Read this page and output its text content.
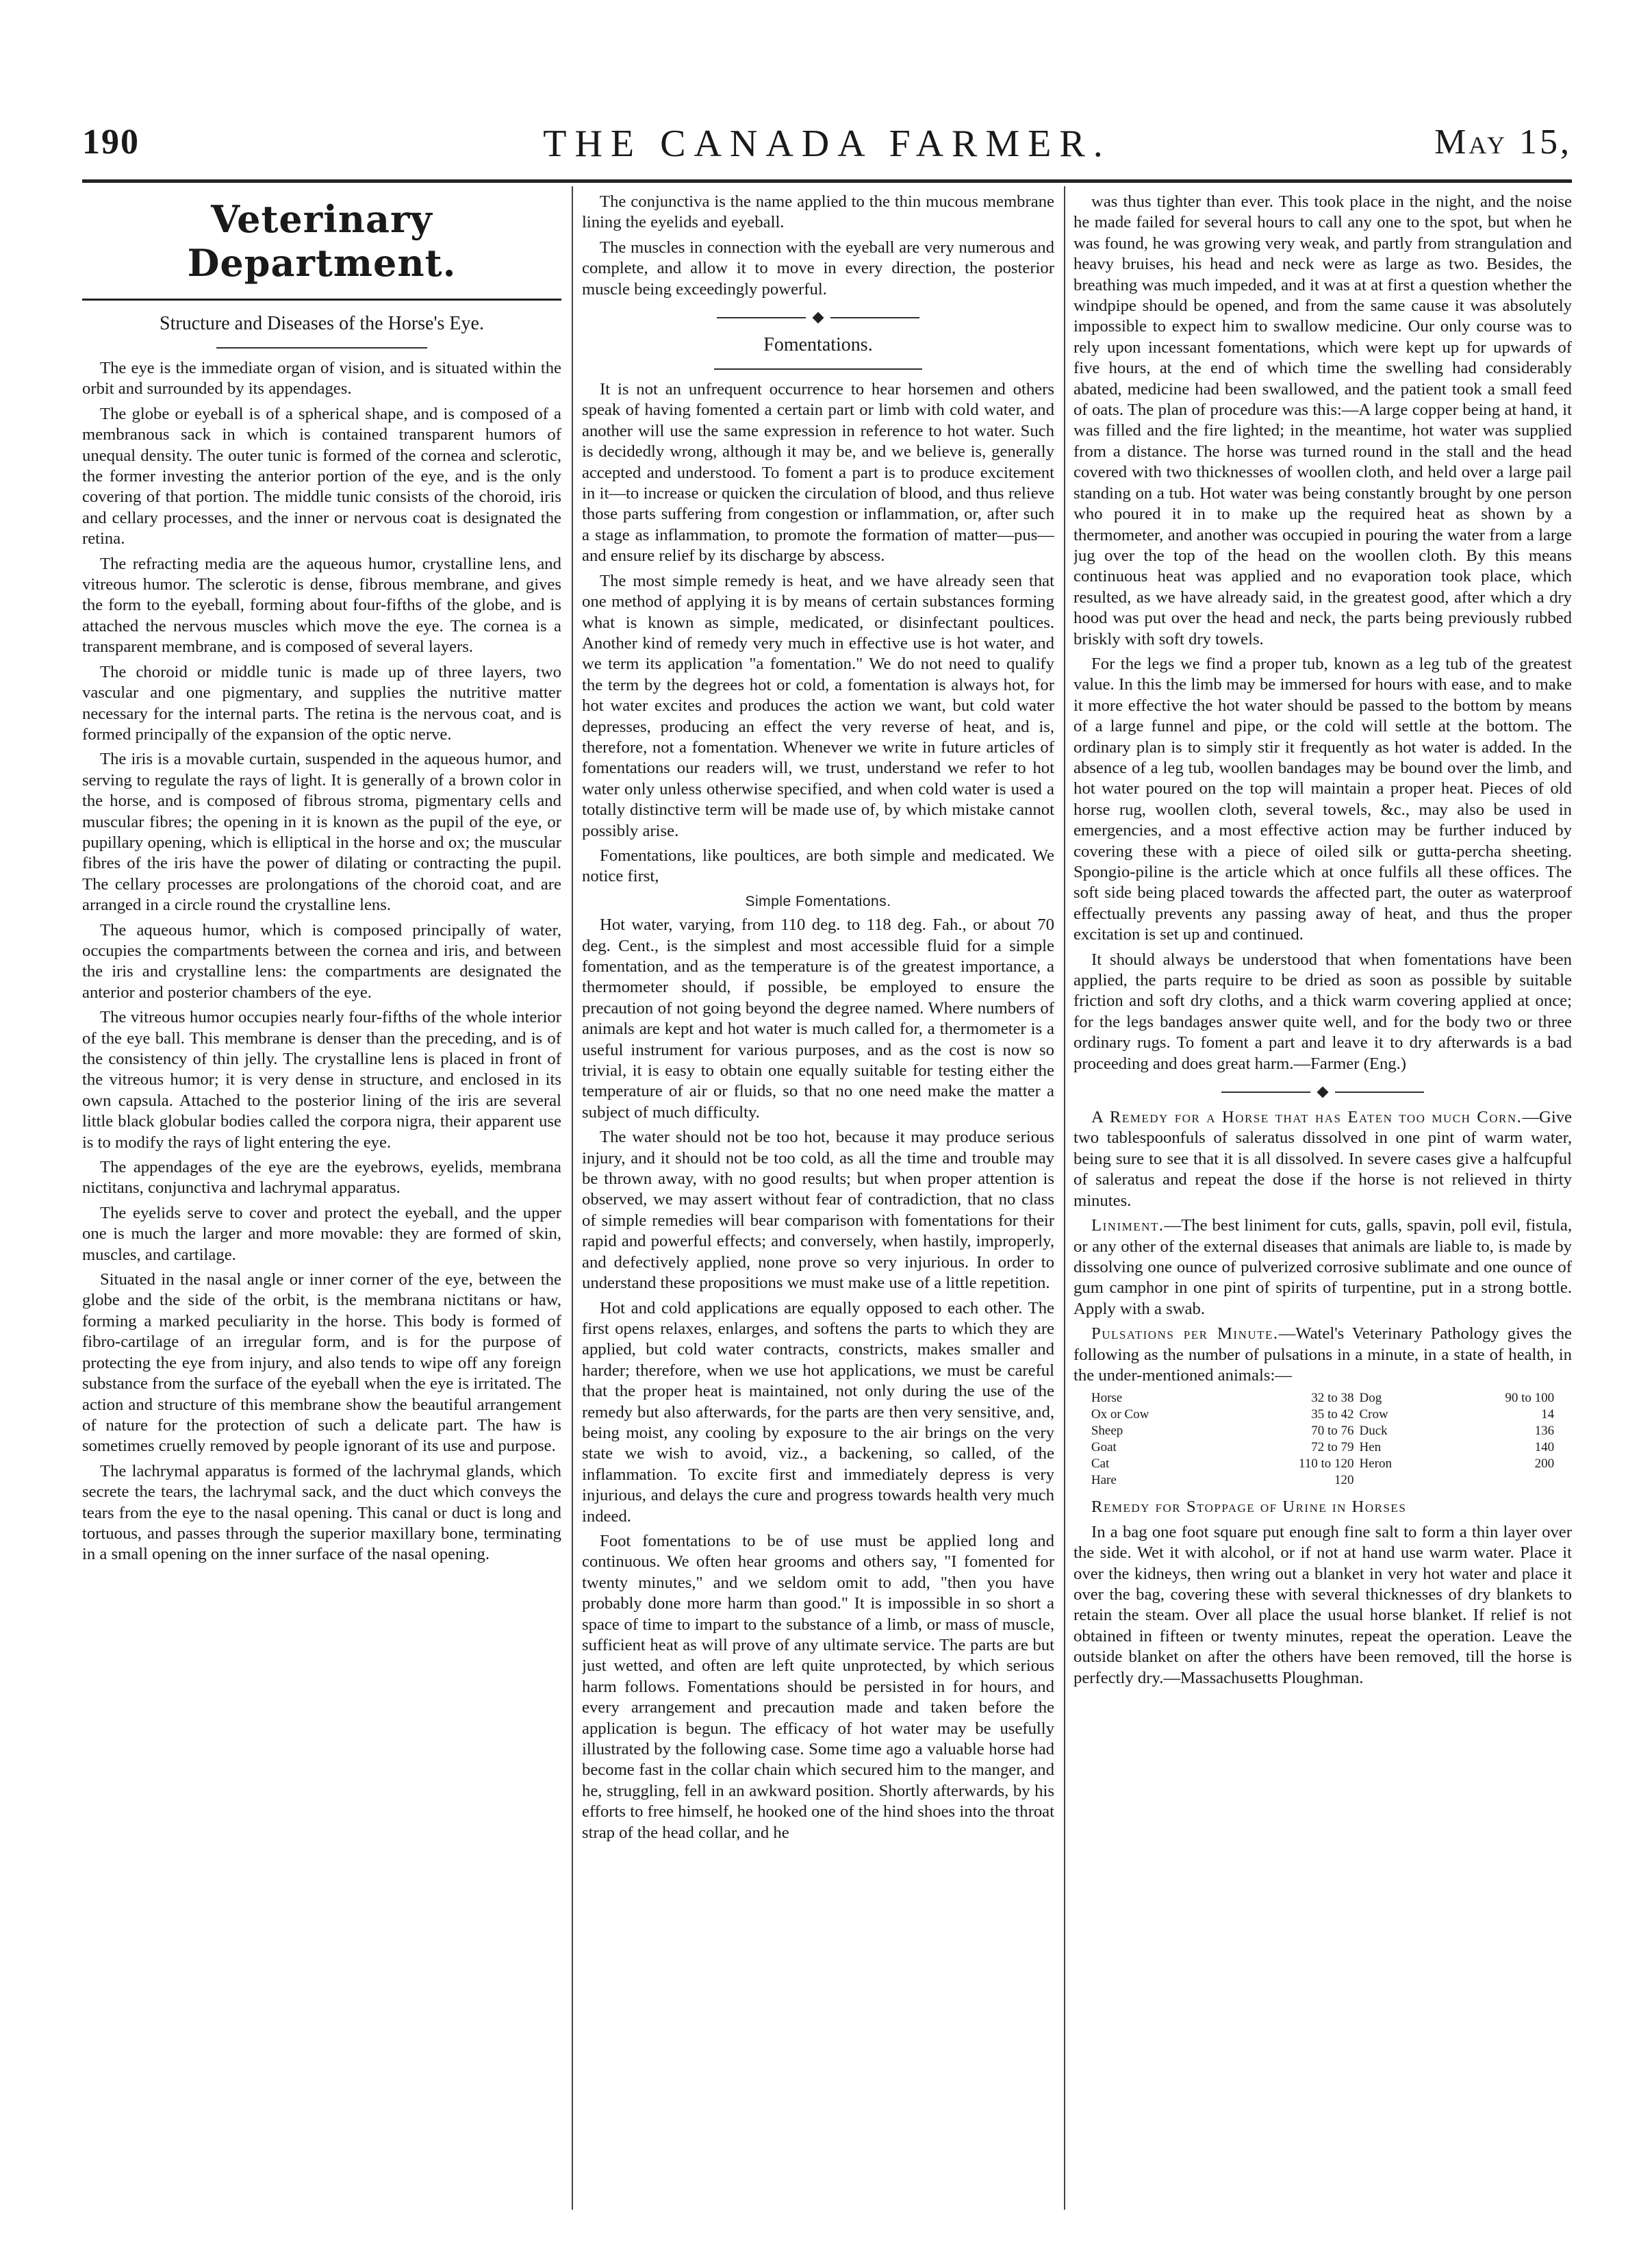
190	THE CANADA FARMER.	May 15,
Veterinary Department.
Structure and Diseases of the Horse's Eye.

The eye is the immediate organ of vision, and is situated within the orbit and surrounded by its appendages.

The globe or eyeball is of a spherical shape, and is composed of a membranous sack in which is contained transparent humors of unequal density. The outer tunic is formed of the cornea and sclerotic, the former investing the anterior portion of the eye, and is the only covering of that portion. The middle tunic consists of the choroid, iris and cellary processes, and the inner or nervous coat is designated the retina.

The refracting media are the aqueous humor, crystalline lens, and vitreous humor. The sclerotic is dense, fibrous membrane, and gives the form to the eyeball, forming about four-fifths of the globe, and is attached the nervous muscles which move the eye. The cornea is a transparent membrane, and is composed of several layers.

The choroid or middle tunic is made up of three layers, two vascular and one pigmentary, and supplies the nutritive matter necessary for the internal parts. The retina is the nervous coat, and is formed principally of the expansion of the optic nerve.

The iris is a movable curtain, suspended in the aqueous humor, and serving to regulate the rays of light. It is generally of a brown color in the horse, and is composed of fibrous stroma, pigmentary cells and muscular fibres; the opening in it is known as the pupil of the eye, or pupillary opening, which is elliptical in the horse and ox; the muscular fibres of the iris have the power of dilating or contracting the pupil. The cellary processes are prolongations of the choroid coat, and are arranged in a circle round the crystalline lens.

The aqueous humor, which is composed principally of water, occupies the compartments between the cornea and iris, and between the iris and crystalline lens: the compartments are designated the anterior and posterior chambers of the eye.

The vitreous humor occupies nearly four-fifths of the whole interior of the eye ball. This membrane is denser than the preceding, and is of the consistency of thin jelly. The crystalline lens is placed in front of the vitreous humor; it is very dense in structure, and enclosed in its own capsula. Attached to the posterior lining of the iris are several little black globular bodies called the corpora nigra, their apparent use is to modify the rays of light entering the eye.

The appendages of the eye are the eyebrows, eyelids, membrana nictitans, conjunctiva and lachrymal apparatus.

The eyelids serve to cover and protect the eyeball, and the upper one is much the larger and more movable: they are formed of skin, muscles, and cartilage.

Situated in the nasal angle or inner corner of the eye, between the globe and the side of the orbit, is the membrana nictitans or haw, forming a marked peculiarity in the horse. This body is formed of fibro-cartilage of an irregular form, and is for the purpose of protecting the eye from injury, and also tends to wipe off any foreign substance from the surface of the eyeball when the eye is irritated. The action and structure of this membrane show the beautiful arrangement of nature for the protection of such a delicate part. The haw is sometimes cruelly removed by people ignorant of its use and purpose.

The lachrymal apparatus is formed of the lachrymal glands, which secrete the tears, the lachrymal sack, and the duct which conveys the tears from the eye to the nasal opening. This canal or duct is long and tortuous, and passes through the superior maxillary bone, terminating in a small opening on the inner surface of the nasal opening.

The conjunctiva is the name applied to the thin mucous membrane lining the eyelids and eyeball.

The muscles in connection with the eyeball are very numerous and complete, and allow it to move in every direction, the posterior muscle being exceedingly powerful.

Fomentations.

It is not an unfrequent occurrence to hear horsemen and others speak of having fomented a certain part or limb with cold water, and another will use the same expression in reference to hot water. Such is decidedly wrong, although it may be, and we believe is, generally accepted and understood. To foment a part is to produce excitement in it—to increase or quicken the circulation of blood, and thus relieve those parts suffering from congestion or inflammation, or, after such a stage as inflammation, to promote the formation of matter—pus—and ensure relief by its discharge by abscess.

The most simple remedy is heat, and we have already seen that one method of applying it is by means of certain substances forming what is known as simple, medicated, or disinfectant poultices. Another kind of remedy very much in effective use is hot water, and we term its application "a fomentation." We do not need to qualify the term by the degrees hot or cold, a fomentation is always hot, for hot water excites and produces the action we want, but cold water depresses, producing an effect the very reverse of heat, and is, therefore, not a fomentation. Whenever we write in future articles of fomentations our readers will, we trust, understand we refer to hot water only unless otherwise specified, and when cold water is used a totally distinctive term will be made use of, by which mistake cannot possibly arise.

Fomentations, like poultices, are both simple and medicated. We notice first,

Simple Fomentations.

Hot water, varying, from 110 deg. to 118 deg. Fah., or about 70 deg. Cent., is the simplest and most accessible fluid for a simple fomentation, and as the temperature is of the greatest importance, a thermometer should, if possible, be employed to ensure the precaution of not going beyond the degree named. Where numbers of animals are kept and hot water is much called for, a thermometer is a useful instrument for various purposes, and as the cost is now so trivial, it is easy to obtain one equally suitable for testing either the temperature of air or fluids, so that no one need make the matter a subject of much difficulty.

The water should not be too hot, because it may produce serious injury, and it should not be too cold, as all the time and trouble may be thrown away, with no good results; but when proper attention is observed, we may assert without fear of contradiction, that no class of simple remedies will bear comparison with fomentations for their rapid and powerful effects; and conversely, when hastily, improperly, and defectively applied, none prove so very injurious. In order to understand these propositions we must make use of a little repetition.

Hot and cold applications are equally opposed to each other. The first opens relaxes, enlarges, and softens the parts to which they are applied, but cold water contracts, constricts, makes smaller and harder; therefore, when we use hot applications, we must be careful that the proper heat is maintained, not only during the use of the remedy but also afterwards, for the parts are then very sensitive, and, being moist, any cooling by exposure to the air brings on the very state we wish to avoid, viz., a backening, so called, of the inflammation. To excite first and immediately depress is very injurious, and delays the cure and progress towards health very much indeed.

Foot fomentations to be of use must be applied long and continuous. We often hear grooms and others say, "I fomented for twenty minutes," and we seldom omit to add, "then you have probably done more harm than good." It is impossible in so short a space of time to impart to the substance of a limb, or mass of muscle, sufficient heat as will prove of any ultimate service. The parts are but just wetted, and often are left quite unprotected, by which serious harm follows. Fomentations should be persisted in for hours, and every arrangement and precaution made and taken before the application is begun. The efficacy of hot water may be usefully illustrated by the following case. Some time ago a valuable horse had become fast in the collar chain which secured him to the manger, and he, struggling, fell in an awkward position. Shortly afterwards, by his efforts to free himself, he hooked one of the hind shoes into the throat strap of the head collar, and he

was thus tighter than ever. This took place in the night, and the noise he made failed for several hours to call any one to the spot, but when he was found, he was growing very weak, and partly from strangulation and heavy bruises, his head and neck were as large as two. Besides, the breathing was much impeded, and it was at at first a question whether the windpipe should be opened, and from the same cause it was absolutely impossible to expect him to swallow medicine. Our only course was to rely upon incessant fomentations, which were kept up for upwards of five hours, at the end of which time the swelling had considerably abated, medicine had been swallowed, and the patient took a small feed of oats. The plan of procedure was this:—A large copper being at hand, it was filled and the fire lighted; in the meantime, hot water was supplied from a distance. The horse was turned round in the stall and the head covered with two thicknesses of woollen cloth, and held over a large pail standing on a tub. Hot water was being constantly brought by one person who poured it in to make up the required heat as shown by a thermometer, and another was occupied in pouring the water from a large jug over the top of the head on the woollen cloth. By this means continuous heat was applied and no evaporation took place, which resulted, as we have already said, in the greatest good, after which a dry hood was put over the head and neck, the parts being previously rubbed briskly with soft dry towels.

For the legs we find a proper tub, known as a leg tub of the greatest value. In this the limb may be immersed for hours with ease, and to make it more effective the hot water should be passed to the bottom by means of a large funnel and pipe, or the cold will settle at the bottom. The ordinary plan is to simply stir it frequently as hot water is added. In the absence of a leg tub, woollen bandages may be bound over the limb, and hot water poured on the top will maintain a proper heat. Pieces of old horse rug, woollen cloth, several towels, &c., may also be used in emergencies, and a most effective action may be further induced by covering these with a piece of oiled silk or gutta-percha sheeting. Spongio-piline is the article which at once fulfils all these offices. The soft side being placed towards the affected part, the outer as waterproof effectually prevents any passing away of heat, and thus the proper excitation is set up and continued.

It should always be understood that when fomentations have been applied, the parts require to be dried as soon as possible by suitable friction and soft dry cloths, and a thick warm covering applied at once; for the legs bandages answer quite well, and for the body two or three ordinary rugs. To foment a part and leave it to dry afterwards is a bad proceeding and does great harm.—Farmer (Eng.)

A Remedy for a Horse that has Eaten too much Corn.—Give two tablespoonfuls of saleratus dissolved in one pint of warm water, being sure to see that it is all dissolved. In severe cases give a halfcupful of saleratus and repeat the dose if the horse is not relieved in thirty minutes.

Liniment.—The best liniment for cuts, galls, spavin, poll evil, fistula, or any other of the external diseases that animals are liable to, is made by dissolving one ounce of pulverized corrosive sublimate and one ounce of gum camphor in one pint of spirits of turpentine, put in a strong bottle. Apply with a swab.

Pulsations per Minute.—Watel's Veterinary Pathology gives the following as the number of pulsations in a minute, in a state of health, in the under-mentioned animals:—

Horse	32 to 38	Dog	90 to 100
Ox or Cow	35 to 42	Crow	14
Sheep	70 to 76	Duck	136
Goat	72 to 79	Hen	140
Cat	110 to 120	Heron	200
Hare	120		

Remedy for Stoppage of Urine in Horses

In a bag one foot square put enough fine salt to form a thin layer over the side. Wet it with alcohol, or if not at hand use warm water. Place it over the kidneys, then wring out a blanket in very hot water and place it over the bag, covering these with several thicknesses of dry blankets to retain the steam. Over all place the usual horse blanket. If relief is not obtained in fifteen or twenty minutes, repeat the operation. Leave the outside blanket on after the others have been removed, till the horse is perfectly dry.—Massachusetts Ploughman.
